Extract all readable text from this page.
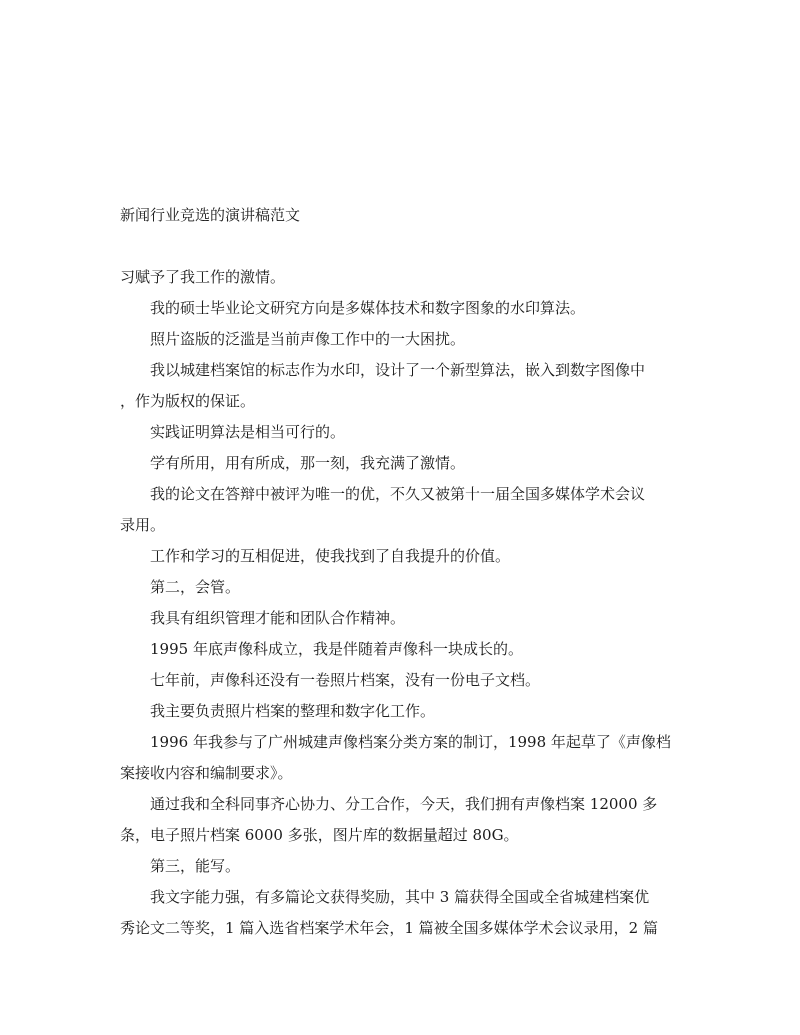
新闻行业竞选的演讲稿范文

习赋予了我工作的激情。

我的硕士毕业论文研究方向是多媒体技术和数字图象的水印算法。

照片盗版的泛滥是当前声像工作中的一大困扰。

我以城建档案馆的标志作为水印，设计了一个新型算法，嵌入到数字图像中

，作为版权的保证。

实践证明算法是相当可行的。

学有所用，用有所成，那一刻，我充满了激情。

我的论文在答辩中被评为唯一的优，不久又被第十一届全国多媒体学术会议

录用。

工作和学习的互相促进，使我找到了自我提升的价值。

第二，会管。

我具有组织管理才能和团队合作精神。

1995 年底声像科成立，我是伴随着声像科一块成长的。

七年前，声像科还没有一卷照片档案，没有一份电子文档。

我主要负责照片档案的整理和数字化工作。

1996 年我参与了广州城建声像档案分类方案的制订，1998 年起草了《声像档

案接收内容和编制要求》。

通过我和全科同事齐心协力、分工合作，今天，我们拥有声像档案 12000 多

条，电子照片档案 6000 多张，图片库的数据量超过 80G。

第三，能写。

我文字能力强，有多篇论文获得奖励，其中 3 篇获得全国或全省城建档案优

秀论文二等奖，1 篇入选省档案学术年会，1 篇被全国多媒体学术会议录用，2 篇
